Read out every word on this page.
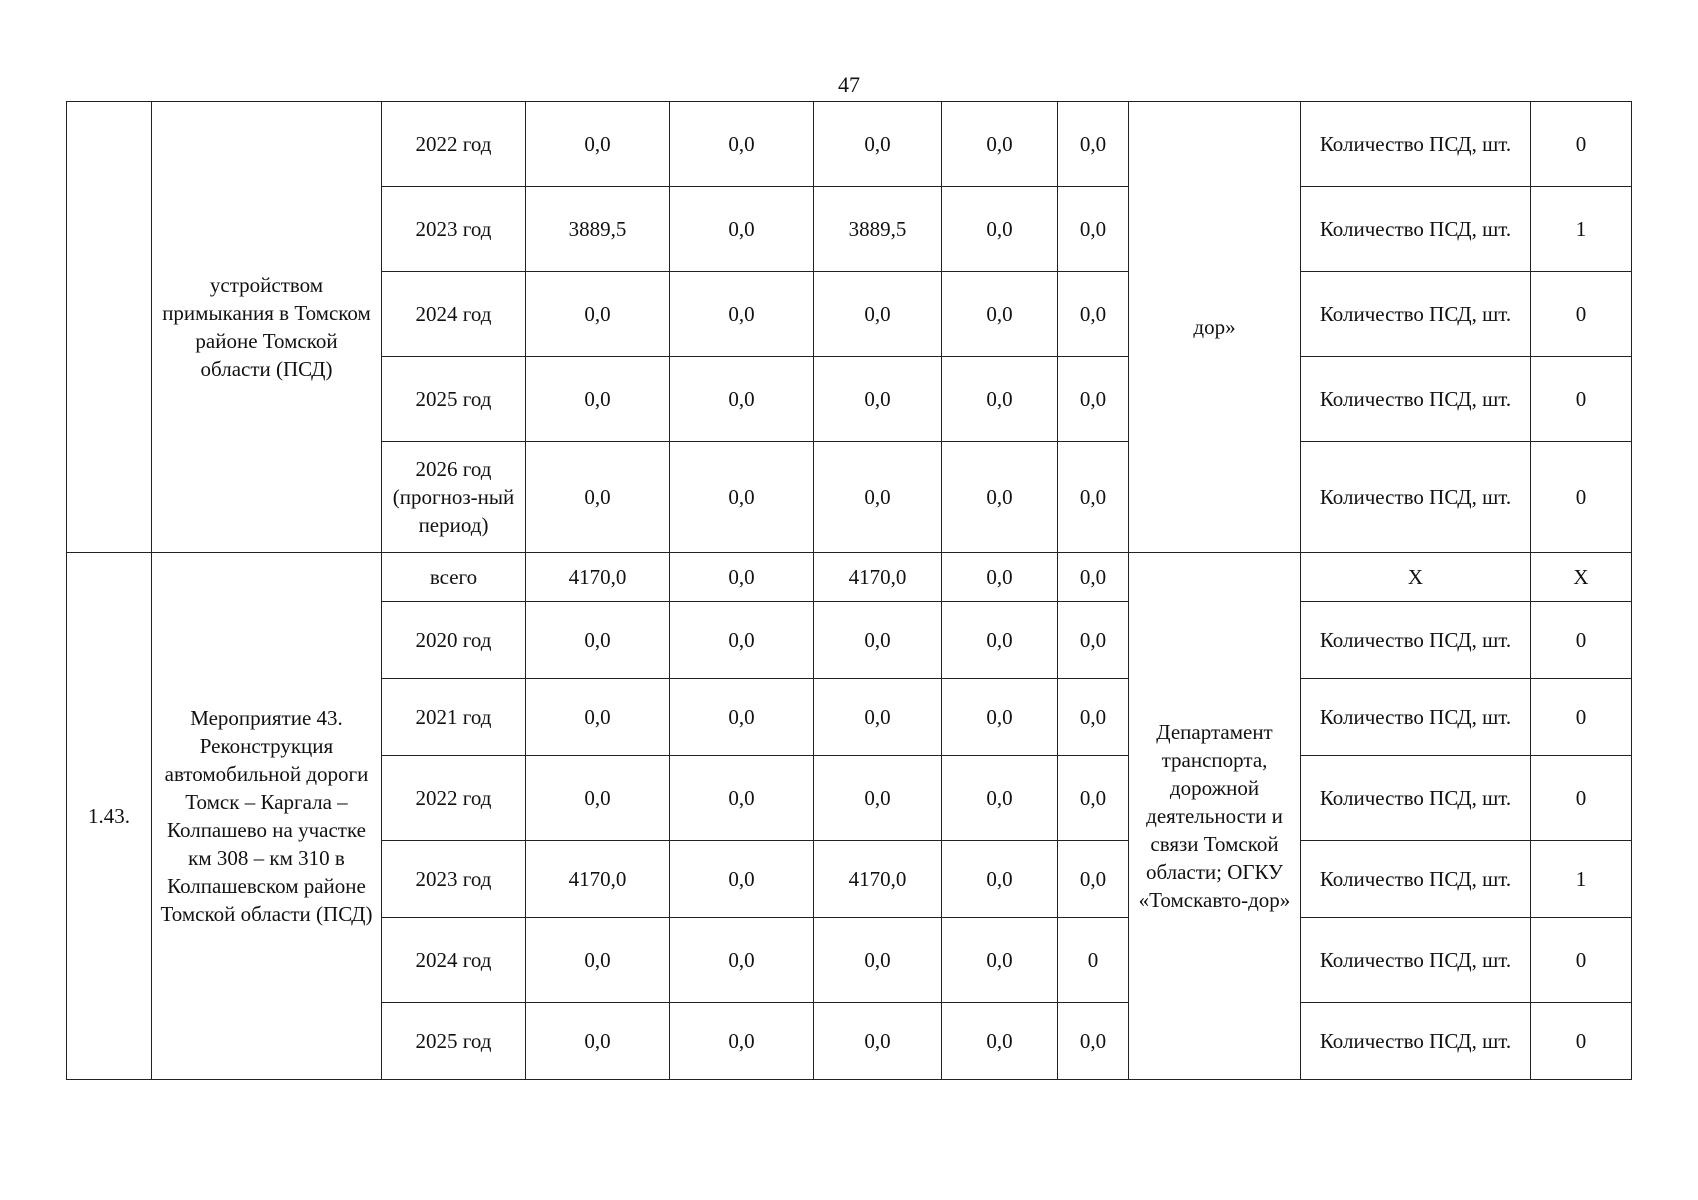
47
	устройством примыкания в Томском районе Томской области (ПСД)	2022 год	0,0	0,0	0,0	0,0	0,0	дор»	Количество ПСД, шт.	0
		2023 год	3889,5	0,0	3889,5	0,0	0,0		Количество ПСД, шт.	1
		2024 год	0,0	0,0	0,0	0,0	0,0		Количество ПСД, шт.	0
		2025 год	0,0	0,0	0,0	0,0	0,0		Количество ПСД, шт.	0
		2026 год (прогноз-ный период)	0,0	0,0	0,0	0,0	0,0		Количество ПСД, шт.	0
1.43.	Мероприятие 43. Реконструкция автомобильной дороги Томск – Каргала – Колпашево на участке км 308 – км 310 в Колпашевском районе Томской области (ПСД)	всего	4170,0	0,0	4170,0	0,0	0,0	Департамент транспорта, дорожной деятельности и связи Томской области; ОГКУ «Томскавто-дор»	Х	Х
		2020 год	0,0	0,0	0,0	0,0	0,0		Количество ПСД, шт.	0
		2021 год	0,0	0,0	0,0	0,0	0,0		Количество ПСД, шт.	0
		2022 год	0,0	0,0	0,0	0,0	0,0		Количество ПСД, шт.	0
		2023 год	4170,0	0,0	4170,0	0,0	0,0		Количество ПСД, шт.	1
		2024 год	0,0	0,0	0,0	0,0	0		Количество ПСД, шт.	0
		2025 год	0,0	0,0	0,0	0,0	0,0		Количество ПСД, шт.	0
